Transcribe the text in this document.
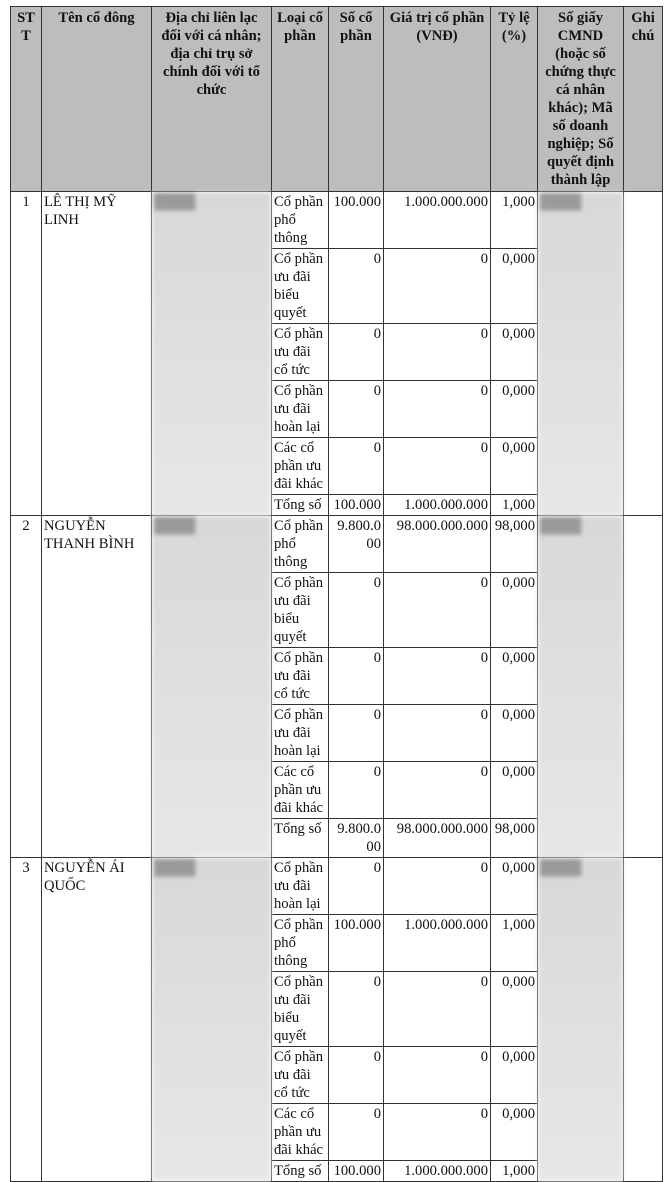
STT	Tên cổ đông	Địa chỉ liên lạc đối với cá nhân; địa chỉ trụ sở chính đối với tổ chức	Loại cổ phần	Số cổ phần	Giá trị cổ phần (VNĐ)	Tỷ lệ (%)	Số giấy CMND (hoặc số chứng thực cá nhân khác); Mã số doanh nghiệp; Số quyết định thành lập	Ghi chú
1	LÊ THỊ MỸ LINH	████	Cổ phần phổ thông	100.000	1.000.000.000	1,000	████	
			Cổ phần ưu đãi biểu quyết	0	0	0,000		
			Cổ phần ưu đãi cổ tức	0	0	0,000		
			Cổ phần ưu đãi hoàn lại	0	0	0,000		
			Các cổ phần ưu đãi khác	0	0	0,000		
			Tổng số	100.000	1.000.000.000	1,000		
2	NGUYỄN THANH BÌNH	████	Cổ phần phổ thông	9.800.000	98.000.000.000	98,000	████	
			Cổ phần ưu đãi biểu quyết	0	0	0,000		
			Cổ phần ưu đãi cổ tức	0	0	0,000		
			Cổ phần ưu đãi hoàn lại	0	0	0,000		
			Các cổ phần ưu đãi khác	0	0	0,000		
			Tổng số	9.800.000	98.000.000.000	98,000		
3	NGUYỄN ÁI QUỐC	████	Cổ phần ưu đãi hoàn lại	0	0	0,000	████	
			Cổ phần phổ thông	100.000	1.000.000.000	1,000		
			Cổ phần ưu đãi biểu quyết	0	0	0,000		
			Cổ phần ưu đãi cổ tức	0	0	0,000		
			Các cổ phần ưu đãi khác	0	0	0,000		
			Tổng số	100.000	1.000.000.000	1,000		
